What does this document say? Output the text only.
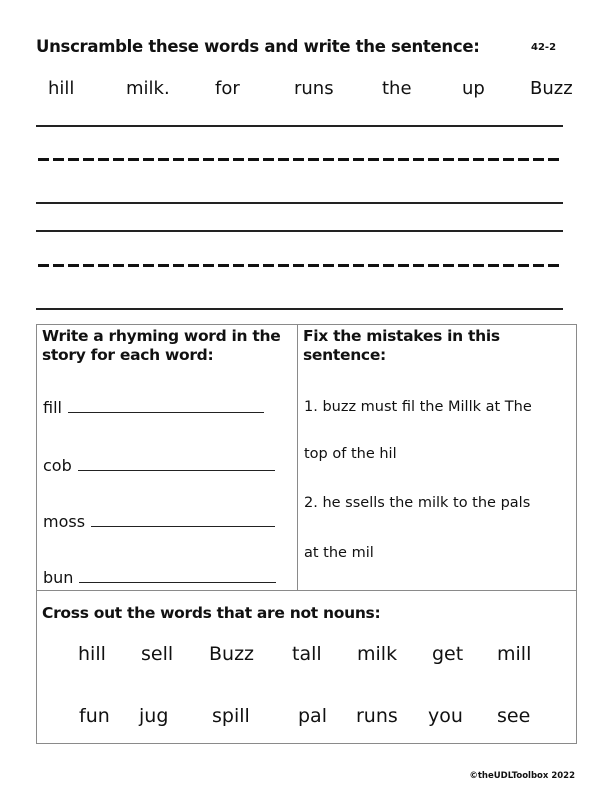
Unscramble these words and write the sentence:	42-2
hill	milk.	for	runs	the	up	Buzz
Write a rhyming word in the
story for each word:
fill
cob
moss
bun
Fix the mistakes in this
sentence:
1. buzz must fil the Millk at The
top of the hil
2. he ssells the milk to the pals
at the mil
Cross out the words that are not nouns:
hill sell Buzz tall milk get mill
fun jug spill	pal runs you see
©theUDLToolbox 2022
